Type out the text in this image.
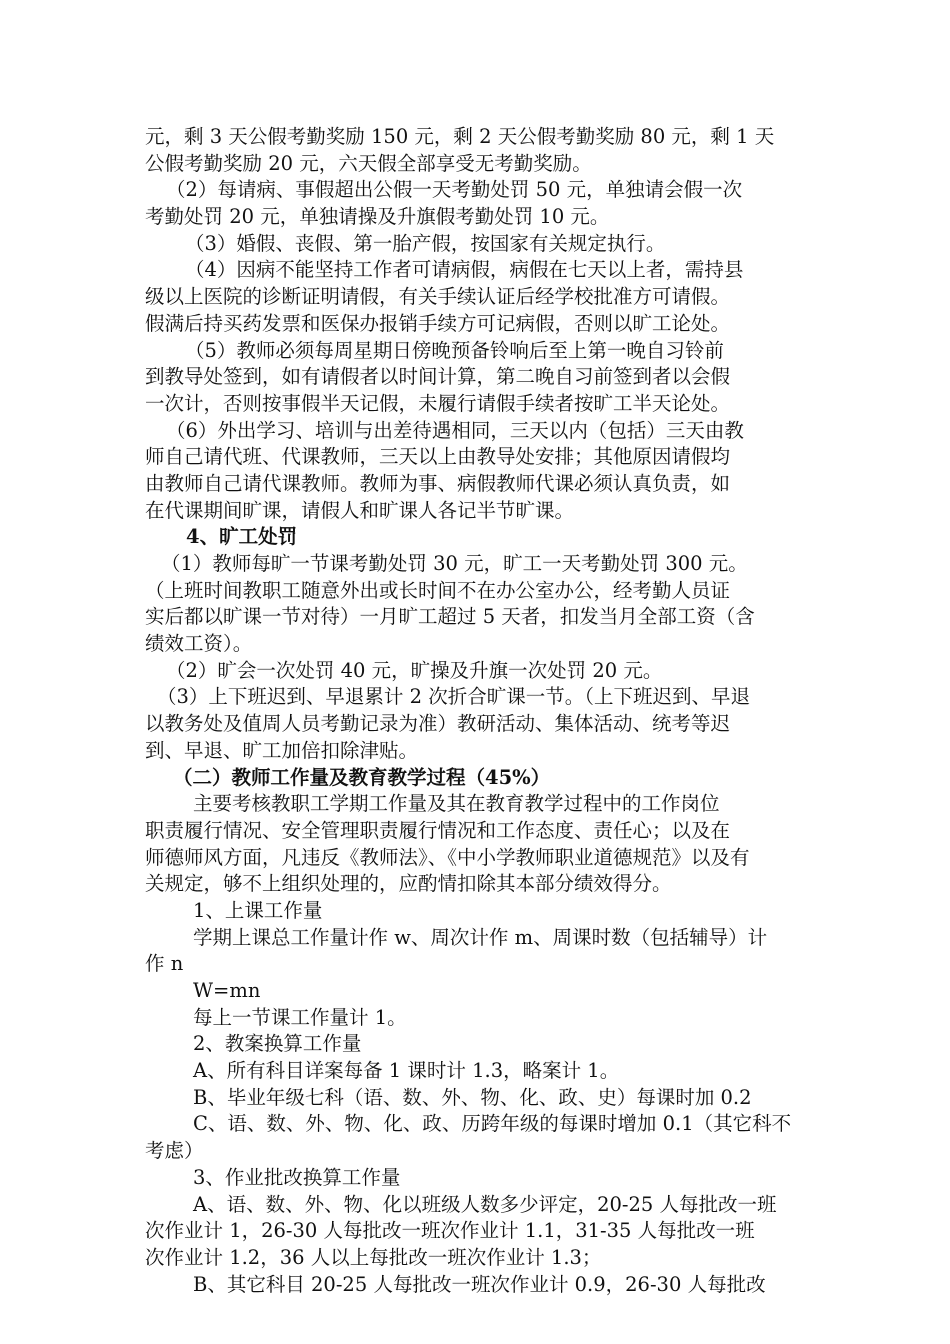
元，剩 3 天公假考勤奖励 150 元，剩 2 天公假考勤奖励 80 元，剩 1 天
公假考勤奖励 20 元，六天假全部享受无考勤奖励。
（2）每请病、事假超出公假一天考勤处罚 50 元，单独请会假一次
考勤处罚 20 元，单独请操及升旗假考勤处罚 10 元。
（3）婚假、丧假、第一胎产假，按国家有关规定执行。
（4）因病不能坚持工作者可请病假，病假在七天以上者，需持县
级以上医院的诊断证明请假，有关手续认证后经学校批准方可请假。
假满后持买药发票和医保办报销手续方可记病假，否则以旷工论处。
（5）教师必须每周星期日傍晚预备铃响后至上第一晚自习铃前
到教导处签到，如有请假者以时间计算，第二晚自习前签到者以会假
一次计，否则按事假半天记假，未履行请假手续者按旷工半天论处。
（6）外出学习、培训与出差待遇相同，三天以内（包括）三天由教
师自己请代班、代课教师，三天以上由教导处安排；其他原因请假均
由教师自己请代课教师。教师为事、病假教师代课必须认真负责，如
在代课期间旷课，请假人和旷课人各记半节旷课。
4、旷工处罚
（1）教师每旷一节课考勤处罚 30 元，旷工一天考勤处罚 300 元。
（上班时间教职工随意外出或长时间不在办公室办公，经考勤人员证
实后都以旷课一节对待）一月旷工超过 5 天者，扣发当月全部工资（含
绩效工资）。
（2）旷会一次处罚 40 元，旷操及升旗一次处罚 20 元。
（3）上下班迟到、早退累计 2 次折合旷课一节。（上下班迟到、早退
以教务处及值周人员考勤记录为准）教研活动、集体活动、统考等迟
到、早退、旷工加倍扣除津贴。
（二）教师工作量及教育教学过程（45%）
主要考核教职工学期工作量及其在教育教学过程中的工作岗位
职责履行情况、安全管理职责履行情况和工作态度、责任心；以及在
师德师风方面，凡违反《教师法》、《中小学教师职业道德规范》以及有
关规定，够不上组织处理的，应酌情扣除其本部分绩效得分。
1、上课工作量
学期上课总工作量计作 w、周次计作 m、周课时数（包括辅导）计
作 n
W=mn
每上一节课工作量计 1。
2、教案换算工作量
A、所有科目详案每备 1 课时计 1.3，略案计 1。
B、毕业年级七科（语、数、外、物、化、政、史）每课时加 0.2
C、语、数、外、物、化、政、历跨年级的每课时增加 0.1（其它科不
考虑）
3、作业批改换算工作量
A、语、数、外、物、化以班级人数多少评定，20-25 人每批改一班
次作业计 1，26-30 人每批改一班次作业计 1.1，31-35 人每批改一班
次作业计 1.2，36 人以上每批改一班次作业计 1.3；
B、其它科目 20-25 人每批改一班次作业计 0.9，26-30 人每批改
